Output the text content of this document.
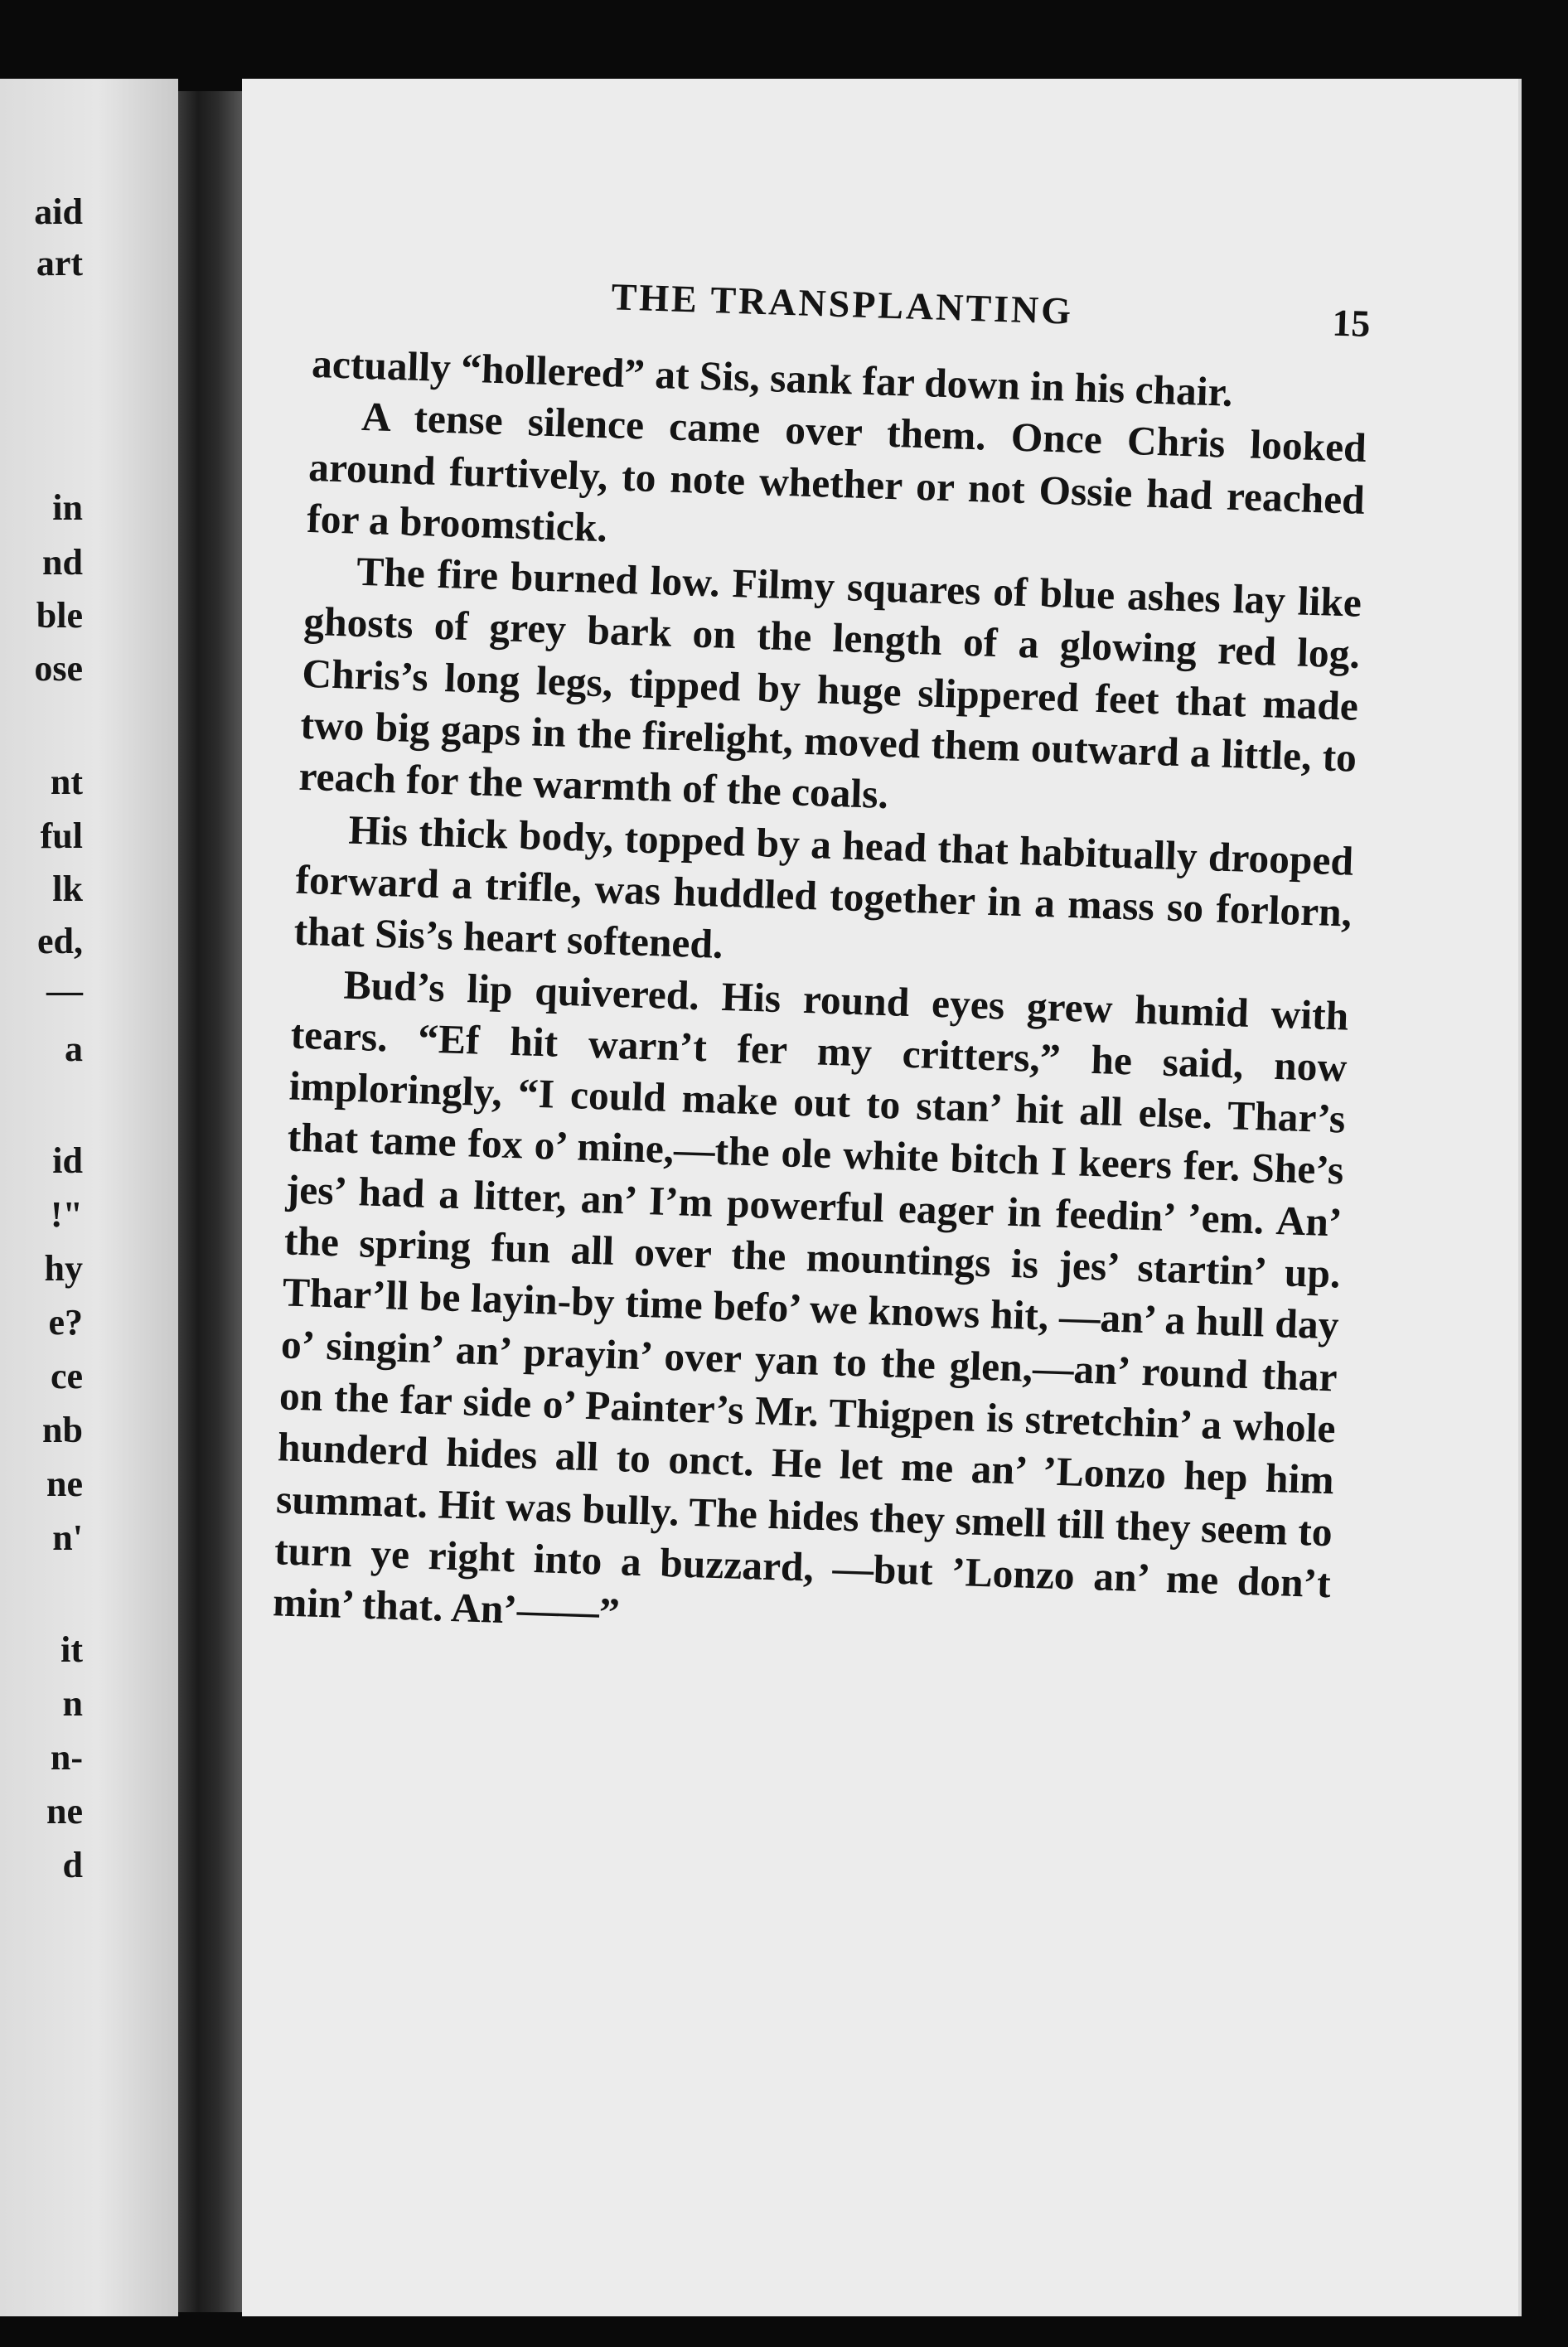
aid
art
in
nd
ble
ose
nt
ful
lk
ed,
—
a
id
!"
hy
e?
ce
nb
ne
n'
it
n
n-
ne
d
THE TRANSPLANTING	15

actually “hollered” at Sis, sank far down in his chair.

A tense silence came over them. Once Chris looked around furtively, to note whether or not Ossie had reached for a broomstick.

The fire burned low. Filmy squares of blue ashes lay like ghosts of grey bark on the length of a glowing red log. Chris’s long legs, tipped by huge slippered feet that made two big gaps in the firelight, moved them outward a little, to reach for the warmth of the coals.

His thick body, topped by a head that habitually drooped forward a trifle, was huddled together in a mass so forlorn, that Sis’s heart softened.

Bud’s lip quivered. His round eyes grew humid with tears. “Ef hit warn’t fer my critters,” he said, now imploringly, “I could make out to stan’ hit all else. Thar’s that tame fox o’ mine,—the ole white bitch I keers fer. She’s jes’ had a litter, an’ I’m powerful eager in feedin’ ’em. An’ the spring fun all over the mountings is jes’ startin’ up. Thar’ll be layin-by time befo’ we knows hit, —an’ a hull day o’ singin’ an’ prayin’ over yan to the glen,—an’ round thar on the far side o’ Painter’s Mr. Thigpen is stretchin’ a whole hunderd hides all to onct. He let me an’ ’Lonzo hep him summat. Hit was bully. The hides they smell till they seem to turn ye right into a buzzard, —but ’Lonzo an’ me don’t min’ that. An’——”
